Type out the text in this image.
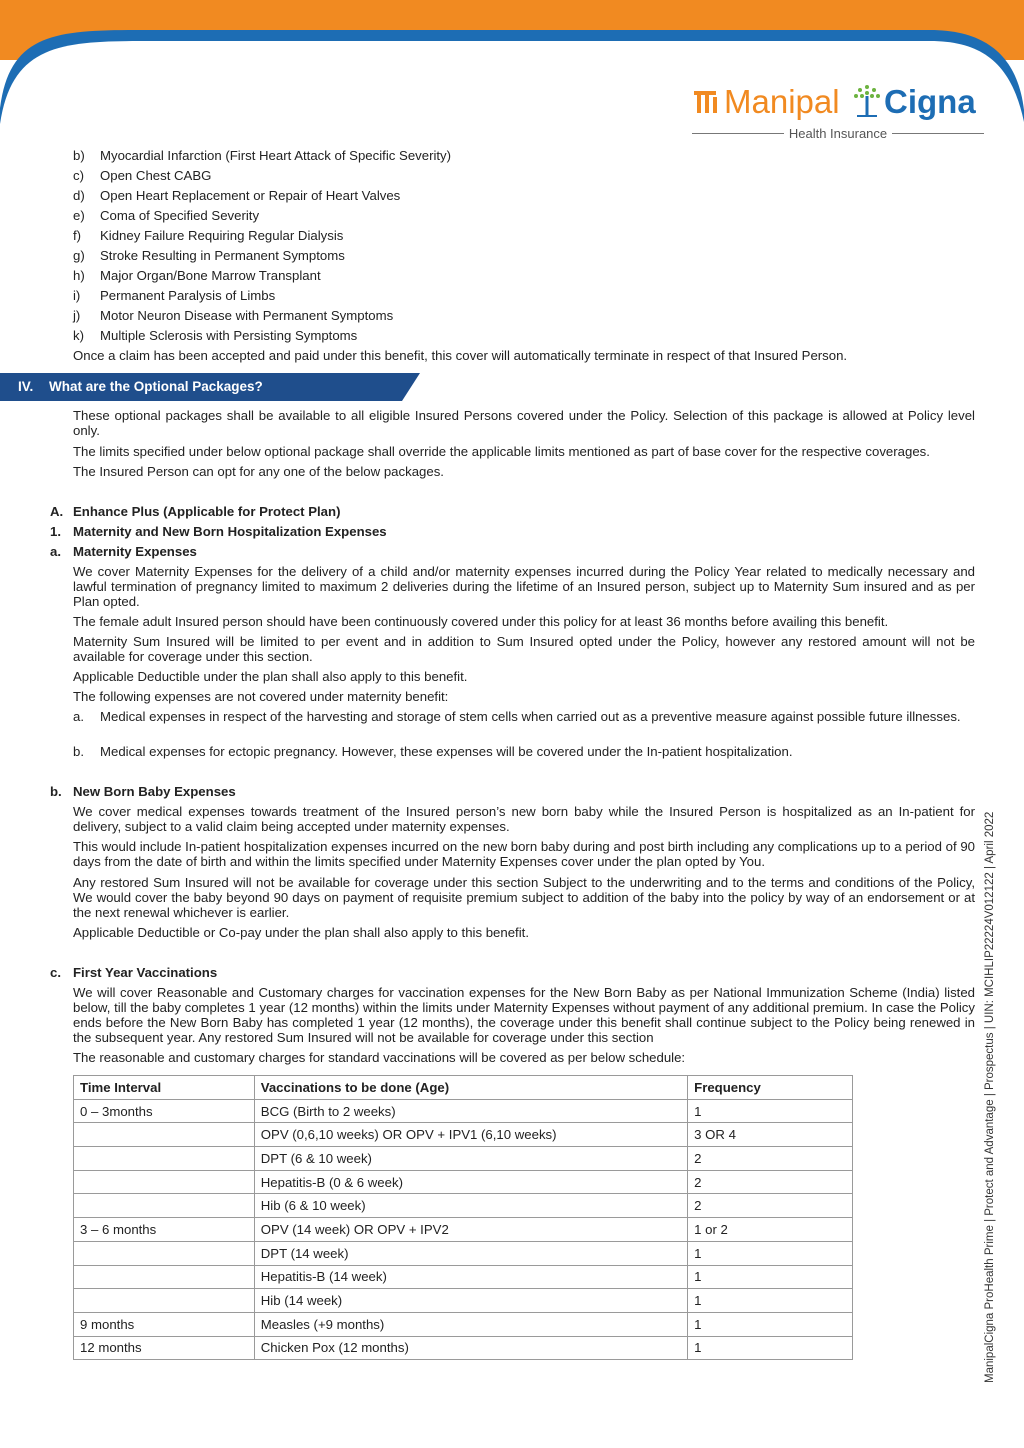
Manipal Cigna
Health Insurance
b) Myocardial Infarction (First Heart Attack of Specific Severity)
c) Open Chest CABG
d) Open Heart Replacement or Repair of Heart Valves
e) Coma of Specified Severity
f) Kidney Failure Requiring Regular Dialysis
g) Stroke Resulting in Permanent Symptoms
h) Major Organ/Bone Marrow Transplant
i) Permanent Paralysis of Limbs
j) Motor Neuron Disease with Permanent Symptoms
k) Multiple Sclerosis with Persisting Symptoms
Once a claim has been accepted and paid under this benefit, this cover will automatically terminate in respect of that Insured Person.
IV. What are the Optional Packages?
These optional packages shall be available to all eligible Insured Persons covered under the Policy. Selection of this package is allowed at Policy level only.
The limits specified under below optional package shall override the applicable limits mentioned as part of base cover for the respective coverages.
The Insured Person can opt for any one of the below packages.
A. Enhance Plus (Applicable for Protect Plan)
1. Maternity and New Born Hospitalization Expenses
a. Maternity Expenses
We cover Maternity Expenses for the delivery of a child and/or maternity expenses incurred during the Policy Year related to medically necessary and lawful termination of pregnancy limited to maximum 2 deliveries during the lifetime of an Insured person, subject up to Maternity Sum insured and as per Plan opted.
The female adult Insured person should have been continuously covered under this policy for at least 36 months before availing this benefit.
Maternity Sum Insured will be limited to per event and in addition to Sum Insured opted under the Policy, however any restored amount will not be available for coverage under this section.
Applicable Deductible under the plan shall also apply to this benefit.
The following expenses are not covered under maternity benefit:
a. Medical expenses in respect of the harvesting and storage of stem cells when carried out as a preventive measure against possible future illnesses.
b. Medical expenses for ectopic pregnancy. However, these expenses will be covered under the In-patient hospitalization.
b. New Born Baby Expenses
We cover medical expenses towards treatment of the Insured person’s new born baby while the Insured Person is hospitalized as an In-patient for delivery, subject to a valid claim being accepted under maternity expenses.
This would include In-patient hospitalization expenses incurred on the new born baby during and post birth including any complications up to a period of 90 days from the date of birth and within the limits specified under Maternity Expenses cover under the plan opted by You.
Any restored Sum Insured will not be available for coverage under this section Subject to the underwriting and to the terms and conditions of the Policy, We would cover the baby beyond 90 days on payment of requisite premium subject to addition of the baby into the policy by way of an endorsement or at the next renewal whichever is earlier.
Applicable Deductible or Co-pay under the plan shall also apply to this benefit.
c. First Year Vaccinations
We will cover Reasonable and Customary charges for vaccination expenses for the New Born Baby as per National Immunization Scheme (India) listed below, till the baby completes 1 year (12 months) within the limits under Maternity Expenses without payment of any additional premium. In case the Policy ends before the New Born Baby has completed 1 year (12 months), the coverage under this benefit shall continue subject to the Policy being renewed in the subsequent year. Any restored Sum Insured will not be available for coverage under this section
The reasonable and customary charges for standard vaccinations will be covered as per below schedule:
Time Interval	Vaccinations to be done (Age)	Frequency
0 – 3months	BCG (Birth to 2 weeks)	1
	OPV (0,6,10 weeks) OR OPV + IPV1 (6,10 weeks)	3 OR 4
	DPT (6 & 10 week)	2
	Hepatitis-B (0 & 6 week)	2
	Hib (6 & 10 week)	2
3 – 6 months	OPV (14 week) OR OPV + IPV2	1 or 2
	DPT (14 week)	1
	Hepatitis-B (14 week)	1
	Hib (14 week)	1
9 months	Measles (+9 months)	1
12 months	Chicken Pox (12 months)	1	ManipalCigna ProHealth Prime | Protect and Advantage | Prospectus | UIN: MCIHLIP22224V012122 | April 2022
